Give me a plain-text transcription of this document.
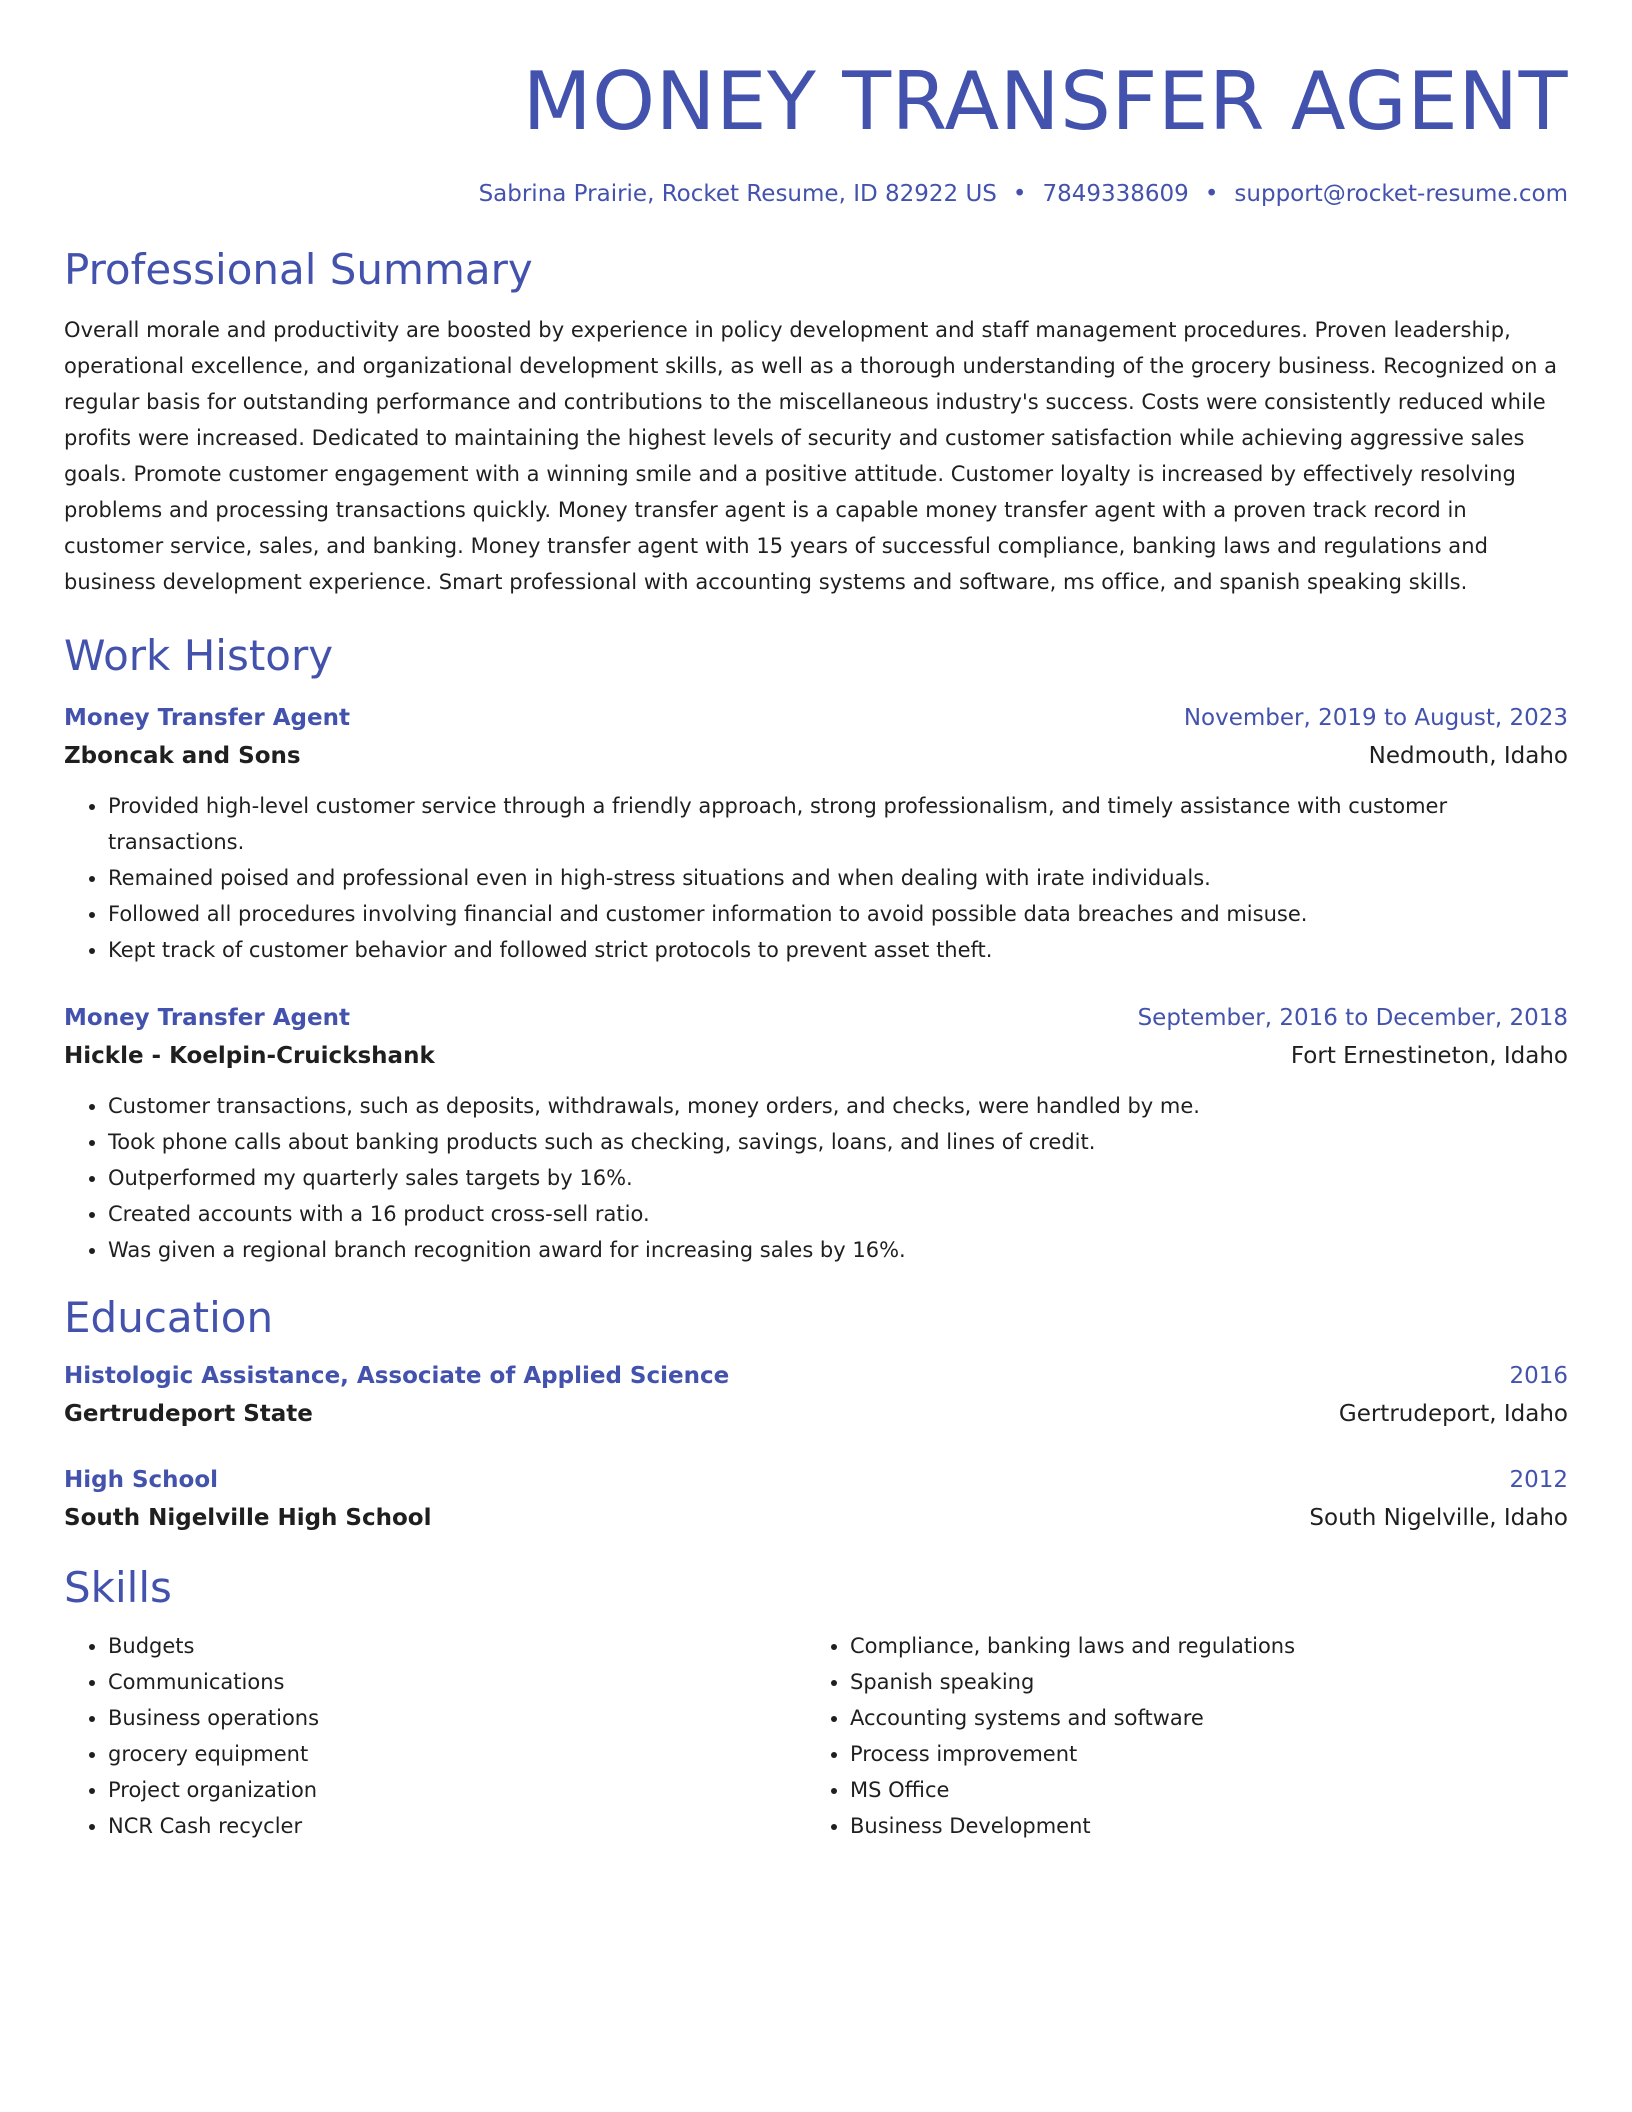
MONEY TRANSFER AGENT
Sabrina Prairie, Rocket Resume, ID 82922 US • 7849338609 • support@rocket-resume.com
Professional Summary
Overall morale and productivity are boosted by experience in policy development and staff management procedures. Proven leadership, operational excellence, and organizational development skills, as well as a thorough understanding of the grocery business. Recognized on a regular basis for outstanding performance and contributions to the miscellaneous industry's success. Costs were consistently reduced while profits were increased. Dedicated to maintaining the highest levels of security and customer satisfaction while achieving aggressive sales goals. Promote customer engagement with a winning smile and a positive attitude. Customer loyalty is increased by effectively resolving problems and processing transactions quickly. Money transfer agent is a capable money transfer agent with a proven track record in customer service, sales, and banking. Money transfer agent with 15 years of successful compliance, banking laws and regulations and business development experience. Smart professional with accounting systems and software, ms office, and spanish speaking skills.
Work History
Money Transfer Agent	November, 2019 to August, 2023
Zboncak and Sons	Nedmouth, Idaho
• Provided high-level customer service through a friendly approach, strong professionalism, and timely assistance with customer transactions.
• Remained poised and professional even in high-stress situations and when dealing with irate individuals.
• Followed all procedures involving financial and customer information to avoid possible data breaches and misuse.
• Kept track of customer behavior and followed strict protocols to prevent asset theft.
Money Transfer Agent	September, 2016 to December, 2018
Hickle - Koelpin-Cruickshank	Fort Ernestineton, Idaho
• Customer transactions, such as deposits, withdrawals, money orders, and checks, were handled by me.
• Took phone calls about banking products such as checking, savings, loans, and lines of credit.
• Outperformed my quarterly sales targets by 16%.
• Created accounts with a 16 product cross-sell ratio.
• Was given a regional branch recognition award for increasing sales by 16%.
Education
Histologic Assistance, Associate of Applied Science	2016
Gertrudeport State	Gertrudeport, Idaho
High School	2012
South Nigelville High School	South Nigelville, Idaho
Skills
• Budgets
• Communications
• Business operations
• grocery equipment
• Project organization
• NCR Cash recycler
• Compliance, banking laws and regulations
• Spanish speaking
• Accounting systems and software
• Process improvement
• MS Office
• Business Development
